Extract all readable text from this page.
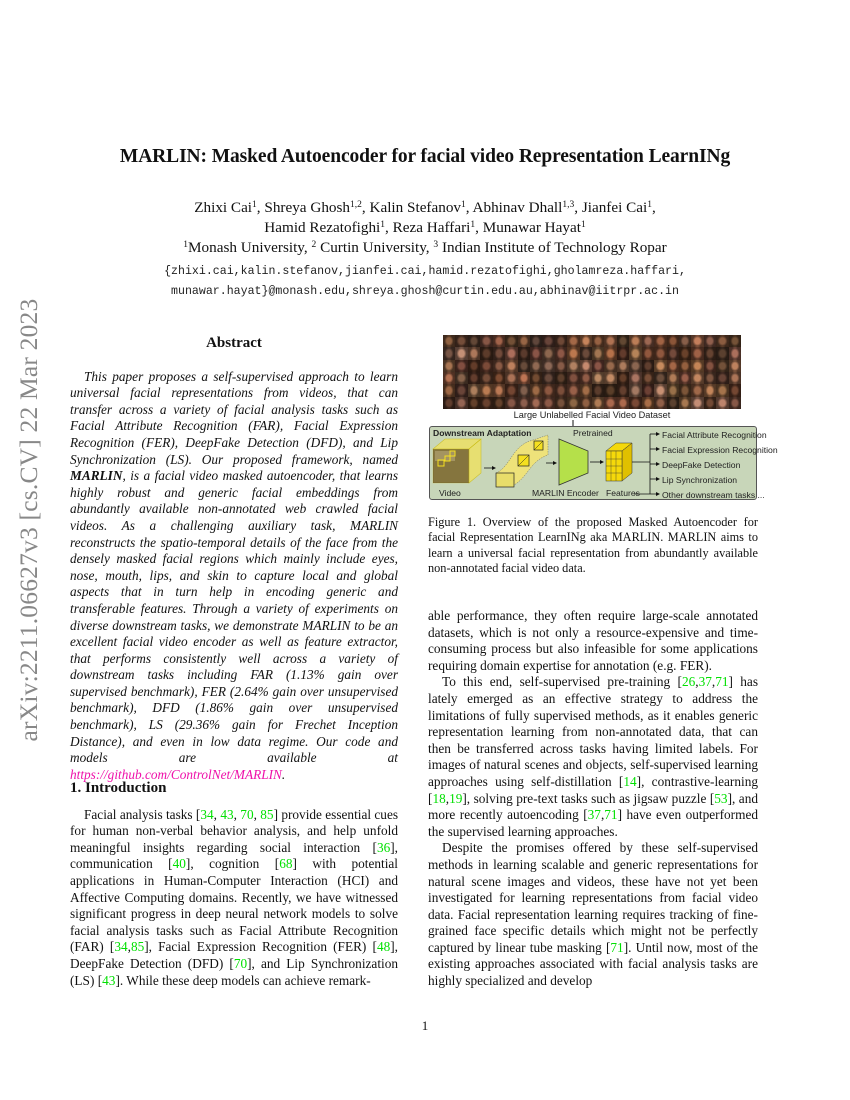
arXiv:2211.06627v3 [cs.CV] 22 Mar 2023
MARLIN: Masked Autoencoder for facial video Representation LearnINg
Zhixi Cai$^1$, Shreya Ghosh$^{1,2}$, Kalin Stefanov$^1$, Abhinav Dhall$^{1,3}$, Jianfei Cai$^1$,
Hamid Rezatofighi$^1$, Reza Haffari$^1$, Munawar Hayat$^1$
$^1$Monash University, $^2$ Curtin University, $^3$ Indian Institute of Technology Ropar
{zhixi.cai,kalin.stefanov,jianfei.cai,hamid.rezatofighi,gholamreza.haffari,
munawar.hayat}@monash.edu,shreya.ghosh@curtin.edu.au,abhinav@iitrpr.ac.in
Abstract

This paper proposes a self-supervised approach to learn universal facial representations from videos, that can transfer across a variety of facial analysis tasks such as Facial Attribute Recognition (FAR), Facial Expression Recognition (FER), DeepFake Detection (DFD), and Lip Synchronization (LS). Our proposed framework, named MARLIN, is a facial video masked autoencoder, that learns highly robust and generic facial embeddings from abundantly available non-annotated web crawled facial videos. As a challenging auxiliary task, MARLIN reconstructs the spatio-temporal details of the face from the densely masked facial regions which mainly include eyes, nose, mouth, lips, and skin to capture local and global aspects that in turn help in encoding generic and transferable features. Through a variety of experiments on diverse downstream tasks, we demonstrate MARLIN to be an excellent facial video encoder as well as feature extractor, that performs consistently well across a variety of downstream tasks including FAR (1.13% gain over supervised benchmark), FER (2.64% gain over unsupervised benchmark), DFD (1.86% gain over unsupervised benchmark), LS (29.36% gain for Frechet Inception Distance), and even in low data regime. Our code and models are available at https://github.com/ControlNet/MARLIN.

1. Introduction

Facial analysis tasks [34, 43, 70, 85] provide essential cues for human non-verbal behavior analysis, and help unfold meaningful insights regarding social interaction [36], communication [40], cognition [68] with potential applications in Human-Computer Interaction (HCI) and Affective Computing domains. Recently, we have witnessed significant progress in deep neural network models to solve facial analysis tasks such as Facial Attribute Recognition (FAR) [34,85], Facial Expression Recognition (FER) [48], DeepFake Detection (DFD) [70], and Lip Synchronization (LS) [43]. While these deep models can achieve remark-

Large Unlabelled Facial Video Dataset
Downstream Adaptation	Pretrained
Video	MARLIN Encoder Features
Facial Attribute Recognition
Facial Expression Recognition
DeepFake Detection
Lip Synchronization
Other downstream tasks ...
Figure 1. Overview of the proposed Masked Autoencoder for facial Representation LearnINg aka MARLIN. MARLIN aims to learn a universal facial representation from abundantly available non-annotated facial video data.

able performance, they often require large-scale annotated datasets, which is not only a resource-expensive and time-consuming process but also infeasible for some applications requiring domain expertise for annotation (e.g. FER).

To this end, self-supervised pre-training [26,37,71] has lately emerged as an effective strategy to address the limitations of fully supervised methods, as it enables generic representation learning from non-annotated data, that can then be transferred across tasks having limited labels. For images of natural scenes and objects, self-supervised learning approaches using self-distillation [14], contrastive-learning [18,19], solving pre-text tasks such as jigsaw puzzle [53], and more recently autoencoding [37,71] have even outperformed the supervised learning approaches.

Despite the promises offered by these self-supervised methods in learning scalable and generic representations for natural scene images and videos, these have not yet been investigated for learning representations from facial video data. Facial representation learning requires tracking of fine-grained face specific details which might not be perfectly captured by linear tube masking [71]. Until now, most of the existing approaches associated with facial analysis tasks are highly specialized and develop

1
